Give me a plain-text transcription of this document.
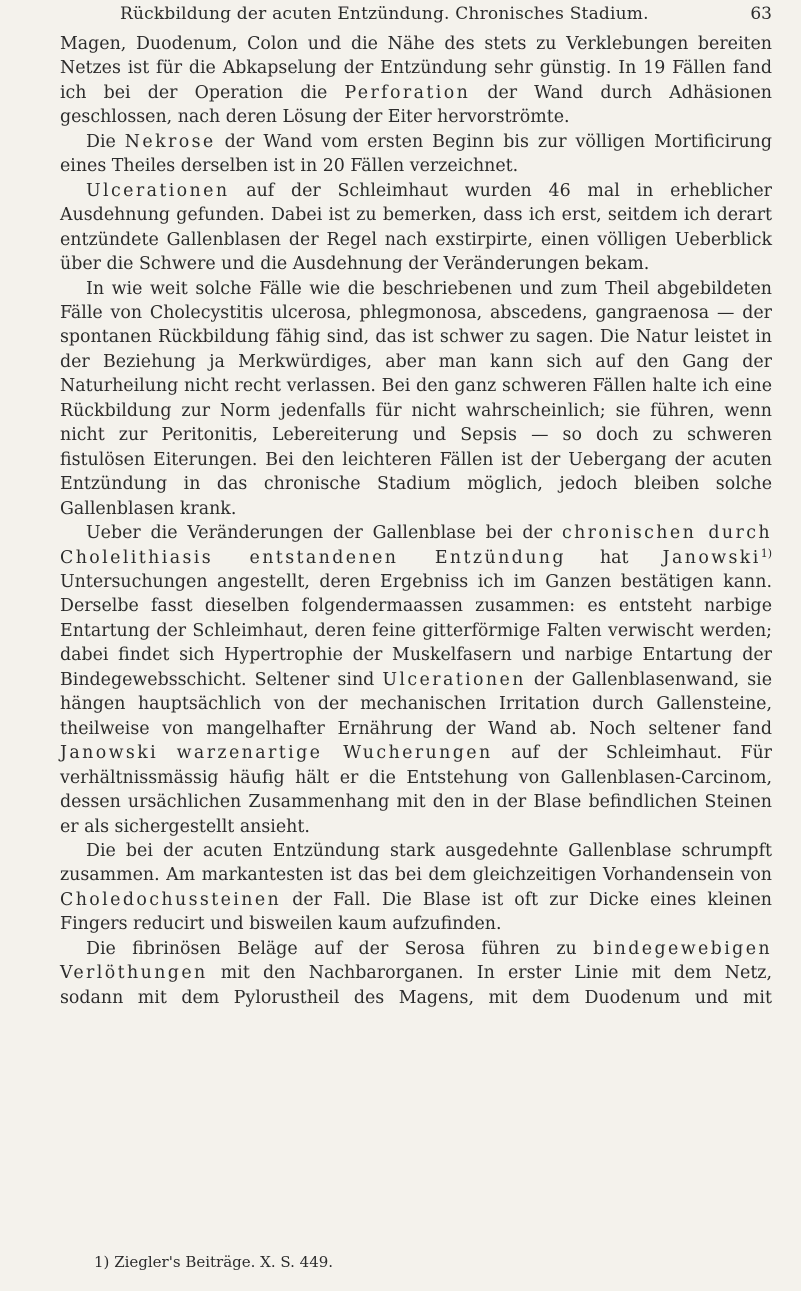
Rückbildung der acuten Entzündung. Chronisches Stadium.	63

Magen, Duodenum, Colon und die Nähe des stets zu Verklebungen bereiten Netzes ist für die Abkapselung der Entzündung sehr günstig. In 19 Fällen fand ich bei der Operation die Perforation der Wand durch Adhäsionen geschlossen, nach deren Lösung der Eiter hervorströmte.

Die Nekrose der Wand vom ersten Beginn bis zur völligen Mortificirung eines Theiles derselben ist in 20 Fällen verzeichnet.

Ulcerationen auf der Schleimhaut wurden 46 mal in erheblicher Ausdehnung gefunden. Dabei ist zu bemerken, dass ich erst, seitdem ich derart entzündete Gallenblasen der Regel nach exstirpirte, einen völligen Ueberblick über die Schwere und die Ausdehnung der Veränderungen bekam.

In wie weit solche Fälle wie die beschriebenen und zum Theil abgebildeten Fälle von Cholecystitis ulcerosa, phlegmonosa, abscedens, gangraenosa — der spontanen Rückbildung fähig sind, das ist schwer zu sagen. Die Natur leistet in der Beziehung ja Merkwürdiges, aber man kann sich auf den Gang der Naturheilung nicht recht verlassen. Bei den ganz schweren Fällen halte ich eine Rückbildung zur Norm jedenfalls für nicht wahrscheinlich; sie führen, wenn nicht zur Peritonitis, Lebereiterung und Sepsis — so doch zu schweren fistulösen Eiterungen. Bei den leichteren Fällen ist der Uebergang der acuten Entzündung in das chronische Stadium möglich, jedoch bleiben solche Gallenblasen krank.

Ueber die Veränderungen der Gallenblase bei der chronischen durch Cholelithiasis entstandenen Entzündung hat Janowski$^{1)}$ Untersuchungen angestellt, deren Ergebniss ich im Ganzen bestätigen kann. Derselbe fasst dieselben folgendermaassen zusammen: es entsteht narbige Entartung der Schleimhaut, deren feine gitterförmige Falten verwischt werden; dabei findet sich Hypertrophie der Muskelfasern und narbige Entartung der Bindegewebsschicht. Seltener sind Ulcerationen der Gallenblasenwand, sie hängen hauptsächlich von der mechanischen Irritation durch Gallensteine, theilweise von mangelhafter Ernährung der Wand ab. Noch seltener fand Janowski warzenartige Wucherungen auf der Schleimhaut. Für verhältnissmässig häufig hält er die Entstehung von Gallenblasen-Carcinom, dessen ursächlichen Zusammenhang mit den in der Blase befindlichen Steinen er als sichergestellt ansieht.

Die bei der acuten Entzündung stark ausgedehnte Gallenblase schrumpft zusammen. Am markantesten ist das bei dem gleichzeitigen Vorhandensein von Choledochussteinen der Fall. Die Blase ist oft zur Dicke eines kleinen Fingers reducirt und bisweilen kaum aufzufinden.

Die fibrinösen Beläge auf der Serosa führen zu bindegewebigen Verlöthungen mit den Nachbarorganen. In erster Linie mit dem Netz, sodann mit dem Pylorustheil des Magens, mit dem Duodenum und mit

1) Ziegler's Beiträge. X. S. 449.
